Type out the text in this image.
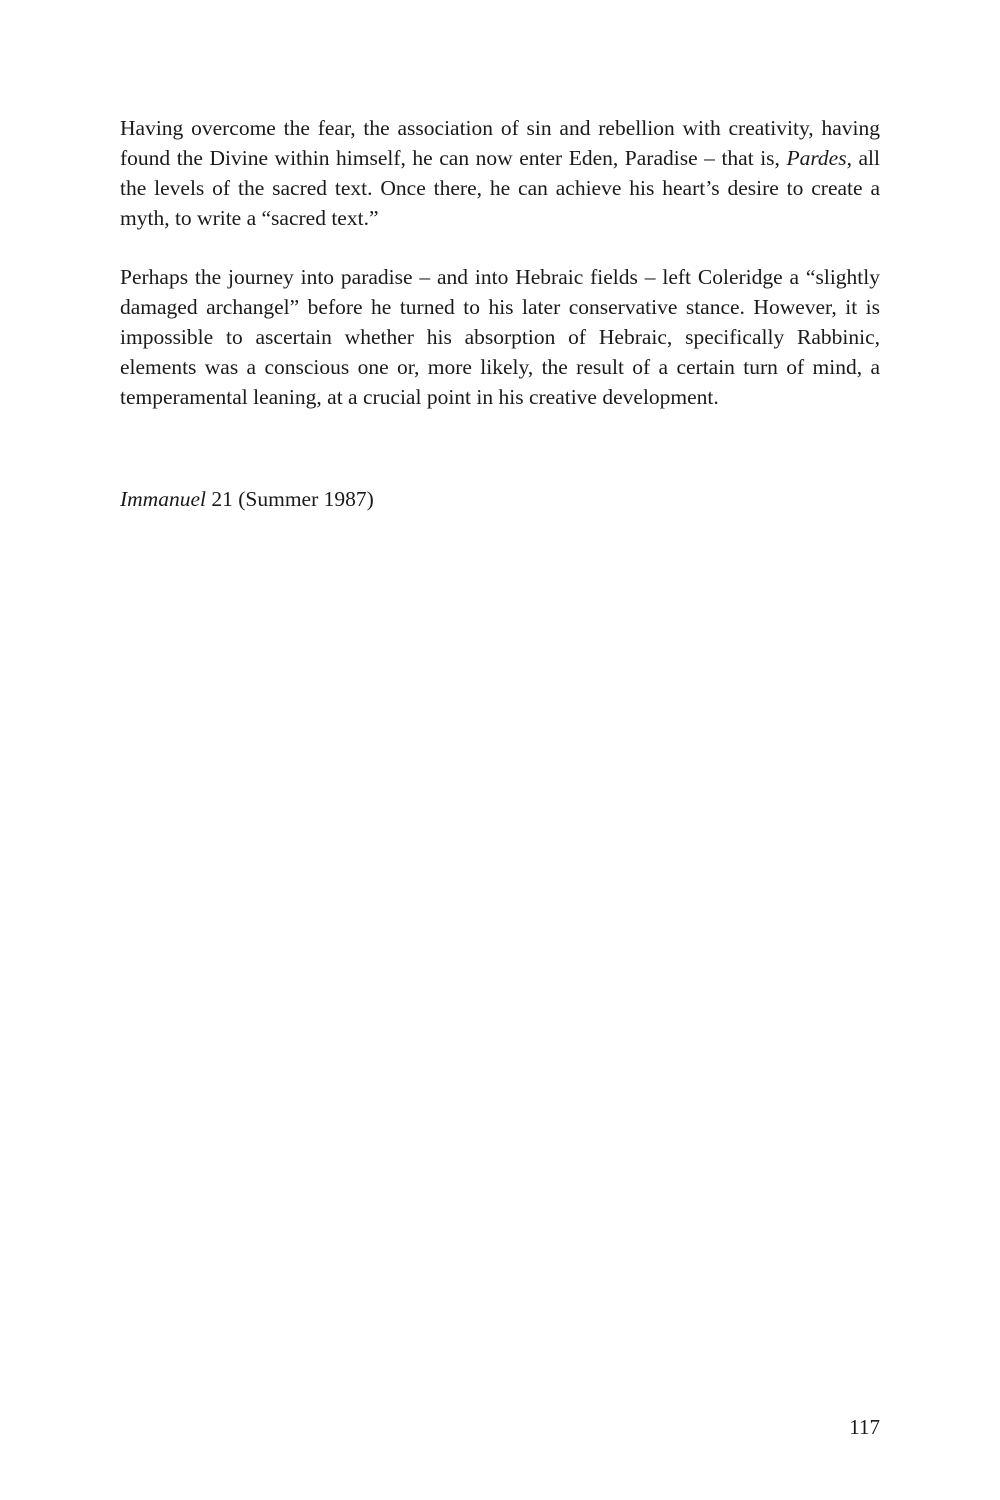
Having overcome the fear, the association of sin and rebellion with creativity, having found the Divine within himself, he can now enter Eden, Paradise – that is, Pardes, all the levels of the sacred text. Once there, he can achieve his heart’s desire to create a myth, to write a “sacred text.”

Perhaps the journey into paradise – and into Hebraic fields – left Coleridge a “slightly damaged archangel” before he turned to his later conservative stance. However, it is impossible to ascertain whether his absorption of Hebraic, specifically Rabbinic, elements was a conscious one or, more likely, the result of a certain turn of mind, a temperamental leaning, at a crucial point in his creative development.

Immanuel 21 (Summer 1987)

117
